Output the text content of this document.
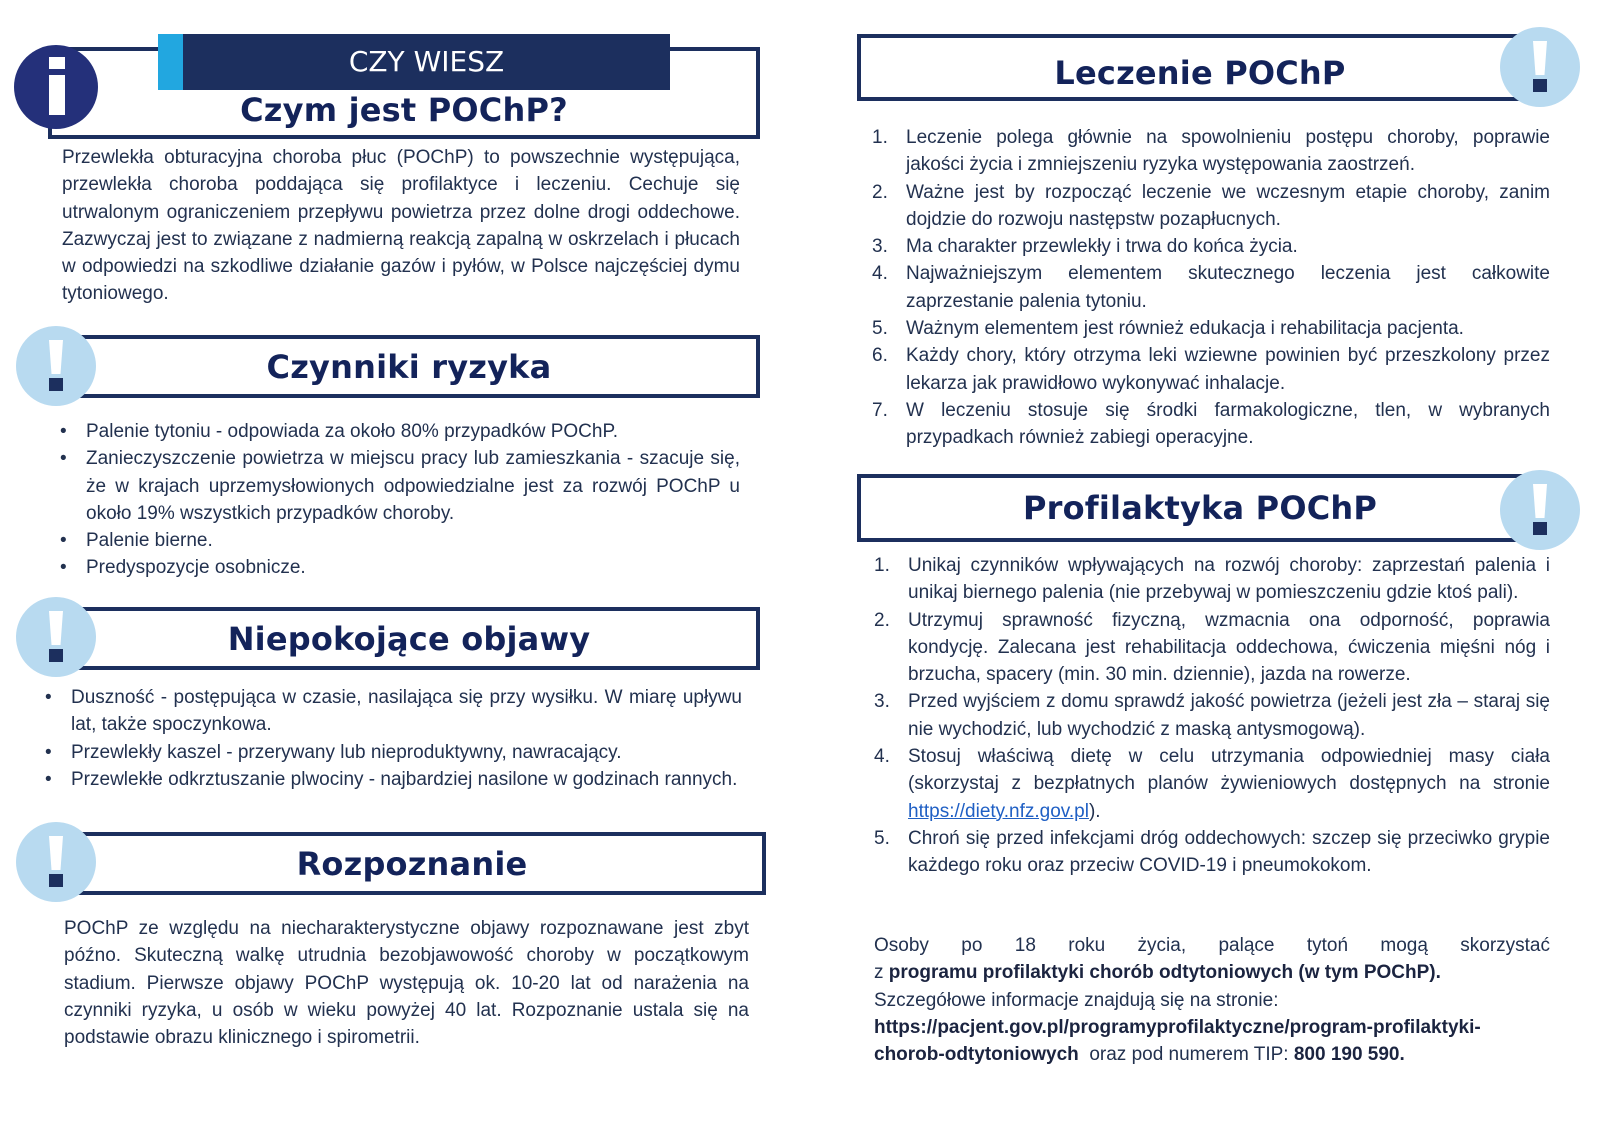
Czym jest POChP?
CZY WIESZ
Przewlekła obturacyjna choroba płuc (POChP) to powszechnie występująca, przewlekła choroba poddająca się profilaktyce i leczeniu. Cechuje się utrwalonym ograniczeniem przepływu powietrza przez dolne drogi oddechowe. Zazwyczaj jest to związane z nadmierną reakcją zapalną w oskrzelach i płucach w odpowiedzi na szkodliwe działanie gazów i pyłów, w Polsce najczęściej dymu tytoniowego.
Czynniki ryzyka
• Palenie tytoniu - odpowiada za około 80% przypadków POChP.
• Zanieczyszczenie powietrza w miejscu pracy lub zamieszkania - szacuje się, że w krajach uprzemysłowionych odpowiedzialne jest za rozwój POChP u około 19% wszystkich przypadków choroby.
• Palenie bierne.
• Predyspozycje osobnicze.
Niepokojące objawy
• Duszność - postępująca w czasie, nasilająca się przy wysiłku. W miarę upływu lat, także spoczynkowa.
• Przewlekły kaszel - przerywany lub nieproduktywny, nawracający.
• Przewlekłe odkrztuszanie plwociny - najbardziej nasilone w godzinach rannych.
Rozpoznanie
POChP ze względu na niecharakterystyczne objawy rozpoznawane jest zbyt późno. Skuteczną walkę utrudnia bezobjawowość choroby w początkowym stadium. Pierwsze objawy POChP występują ok. 10-20 lat od narażenia na czynniki ryzyka, u osób w wieku powyżej 40 lat. Rozpoznanie ustala się na podstawie obrazu klinicznego i spirometrii.
Leczenie POChP
1. Leczenie polega głównie na spowolnieniu postępu choroby, poprawie jakości życia i zmniejszeniu ryzyka występowania zaostrzeń.
2. Ważne jest by rozpocząć leczenie we wczesnym etapie choroby, zanim dojdzie do rozwoju następstw pozapłucnych.
3. Ma charakter przewlekły i trwa do końca życia.
4. Najważniejszym elementem skutecznego leczenia jest całkowite zaprzestanie palenia tytoniu.
5. Ważnym elementem jest również edukacja i rehabilitacja pacjenta.
6. Każdy chory, który otrzyma leki wziewne powinien być przeszkolony przez lekarza jak prawidłowo wykonywać inhalacje.
7. W leczeniu stosuje się środki farmakologiczne, tlen, w wybranych przypadkach również zabiegi operacyjne.
Profilaktyka POChP
1. Unikaj czynników wpływających na rozwój choroby: zaprzestań palenia i unikaj biernego palenia (nie przebywaj w pomieszczeniu gdzie ktoś pali).
2. Utrzymuj sprawność fizyczną, wzmacnia ona odporność, poprawia kondycję. Zalecana jest rehabilitacja oddechowa, ćwiczenia mięśni nóg i brzucha, spacery (min. 30 min. dziennie), jazda na rowerze.
3. Przed wyjściem z domu sprawdź jakość powietrza (jeżeli jest zła – staraj się nie wychodzić, lub wychodzić z maską antysmogową).
4. Stosuj właściwą dietę w celu utrzymania odpowiedniej masy ciała (skorzystaj z bezpłatnych planów żywieniowych dostępnych na stronie https://diety.nfz.gov.pl).
5. Chroń się przed infekcjami dróg oddechowych: szczep się przeciwko grypie każdego roku oraz przeciw COVID-19 i pneumokokom.
Osoby po 18 roku życia, palące tytoń mogą skorzystać
z programu profilaktyki chorób odtytoniowych (w tym POChP).
Szczegółowe informacje znajdują się na stronie:
https://pacjent.gov.pl/programyprofilaktyczne/program-profilaktyki-
chorob-odtytoniowych  oraz pod numerem TIP: 800 190 590.
